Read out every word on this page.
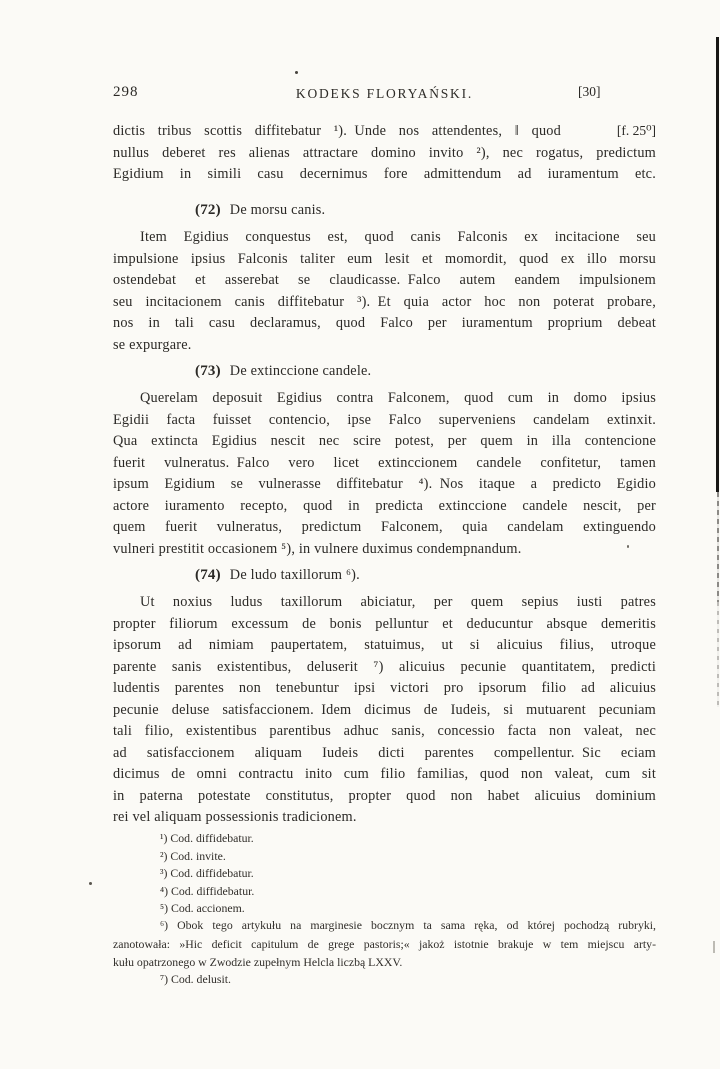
298	KODEKS FLORYAŃSKI.	[30]
[f. 25⁰]
dictis tribus scottis diffitebatur ¹). Unde nos attendentes, ‖ quod
nullus deberet res alienas attractare domino invito ²), nec rogatus, predictum
Egidium in simili casu decernimus fore admittendum ad iuramentum etc.
(72) De morsu canis.
Item Egidius conquestus est, quod canis Falconis ex incitacione seu
impulsione ipsius Falconis taliter eum lesit et momordit, quod ex illo morsu
ostendebat et asserebat se claudicasse. Falco autem eandem impulsionem
seu incitacionem canis diffitebatur ³). Et quia actor hoc non poterat probare,
nos in tali casu declaramus, quod Falco per iuramentum proprium debeat
se expurgare.
(73) De extinccione candele.
Querelam deposuit Egidius contra Falconem, quod cum in domo ipsius
Egidii facta fuisset contencio, ipse Falco superveniens candelam extinxit.
Qua extincta Egidius nescit nec scire potest, per quem in illa contencione
fuerit vulneratus. Falco vero licet extinccionem candele confitetur, tamen
ipsum Egidium se vulnerasse diffitebatur ⁴). Nos itaque a predicto Egidio
actore iuramento recepto, quod in predicta extinccione candele nescit, per
quem fuerit vulneratus, predictum Falconem, quia candelam extinguendo
vulneri prestitit occasionem ⁵), in vulnere duximus condempnandum.
(74) De ludo taxillorum ⁶).
Ut noxius ludus taxillorum abiciatur, per quem sepius iusti patres
propter filiorum excessum de bonis pelluntur et deducuntur absque demeritis
ipsorum ad nimiam paupertatem, statuimus, ut si alicuius filius, utroque
parente sanis existentibus, deluserit ⁷) alicuius pecunie quantitatem, predicti
ludentis parentes non tenebuntur ipsi victori pro ipsorum filio ad alicuius
pecunie deluse satisfaccionem. Idem dicimus de Iudeis, si mutuarent pecuniam
tali filio, existentibus parentibus adhuc sanis, concessio facta non valeat, nec
ad satisfaccionem aliquam Iudeis dicti parentes compellentur. Sic eciam
dicimus de omni contractu inito cum filio familias, quod non valeat, cum sit
in paterna potestate constitutus, propter quod non habet alicuius dominium
rei vel aliquam possessionis tradicionem.
¹) Cod. diffidebatur.
²) Cod. invite.
³) Cod. diffidebatur.
⁴) Cod. diffidebatur.
⁵) Cod. accionem.
⁶) Obok tego artykułu na marginesie bocznym ta sama ręka, od której pochodzą rubryki,
zanotowała: »Hic deficit capitulum de grege pastoris;« jakoż istotnie brakuje w tem miejscu arty-
kułu opatrzonego w Zwodzie zupełnym Helcla liczbą LXXV.
⁷) Cod. delusit.
